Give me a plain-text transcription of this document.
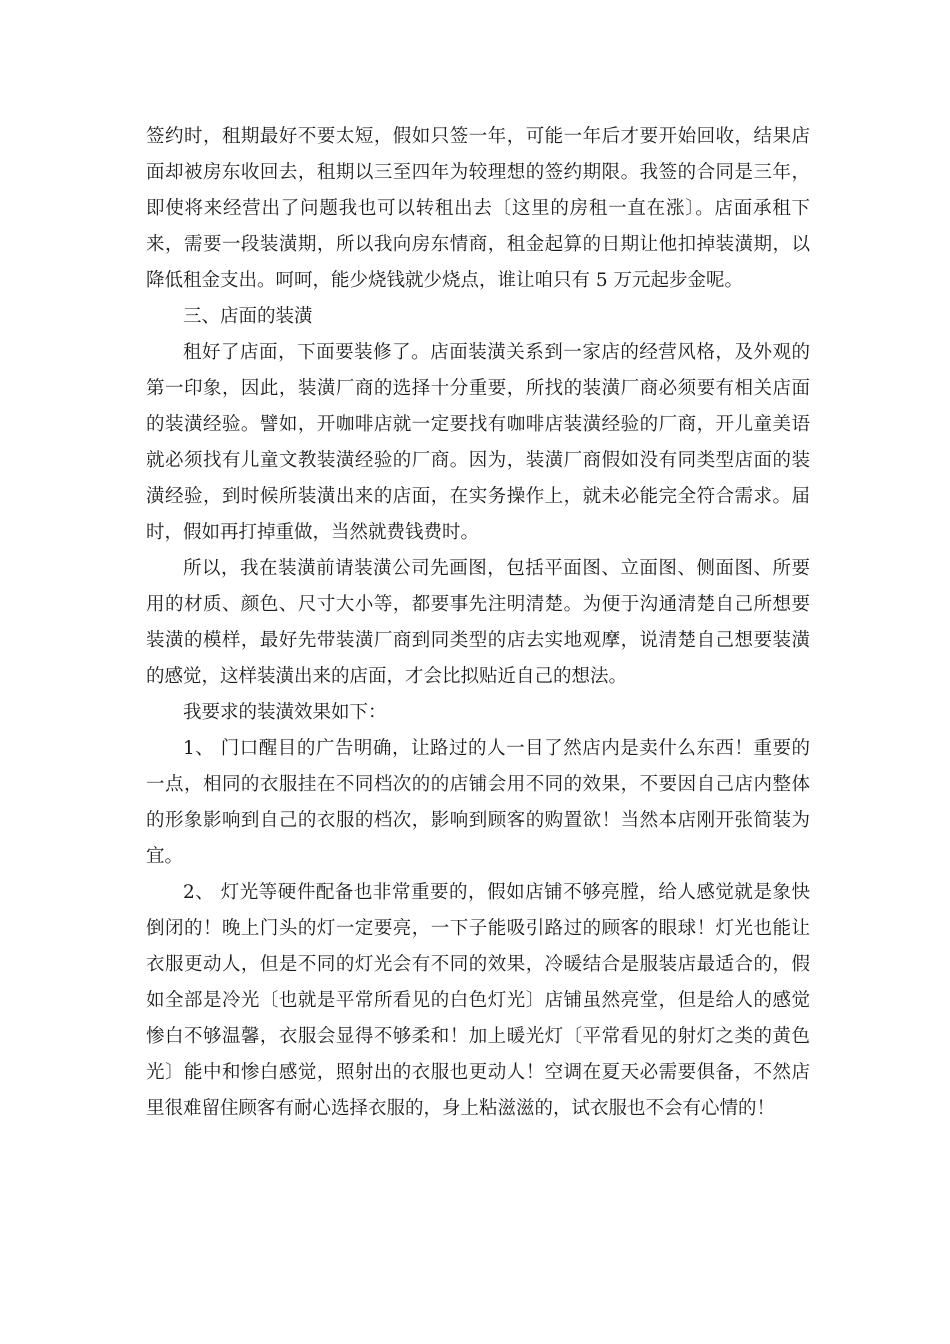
签约时，租期最好不要太短，假如只签一年，可能一年后才要开始回收，结果店面却被房东收回去，租期以三至四年为较理想的签约期限。我签的合同是三年，即使将来经营出了问题我也可以转租出去〔这里的房租一直在涨〕。店面承租下来，需要一段装潢期，所以我向房东情商，租金起算的日期让他扣掉装潢期，以降低租金支出。呵呵，能少烧钱就少烧点，谁让咱只有 5 万元起步金呢。

三、店面的装潢

租好了店面，下面要装修了。店面装潢关系到一家店的经营风格，及外观的第一印象，因此，装潢厂商的选择十分重要，所找的装潢厂商必须要有相关店面的装潢经验。譬如，开咖啡店就一定要找有咖啡店装潢经验的厂商，开儿童美语就必须找有儿童文教装潢经验的厂商。因为，装潢厂商假如没有同类型店面的装潢经验，到时候所装潢出来的店面，在实务操作上，就未必能完全符合需求。届时，假如再打掉重做，当然就费钱费时。

所以，我在装潢前请装潢公司先画图，包括平面图、立面图、侧面图、所要用的材质、颜色、尺寸大小等，都要事先注明清楚。为便于沟通清楚自己所想要装潢的模样，最好先带装潢厂商到同类型的店去实地观摩，说清楚自己想要装潢的感觉，这样装潢出来的店面，才会比拟贴近自己的想法。

我要求的装潢效果如下：

1、 门口醒目的广告明确，让路过的人一目了然店内是卖什么东西！重要的一点，相同的衣服挂在不同档次的的店铺会用不同的效果，不要因自己店内整体的形象影响到自己的衣服的档次，影响到顾客的购置欲！当然本店刚开张简装为宜。

2、 灯光等硬件配备也非常重要的，假如店铺不够亮膛，给人感觉就是象快倒闭的！晚上门头的灯一定要亮，一下子能吸引路过的顾客的眼球！灯光也能让衣服更动人，但是不同的灯光会有不同的效果，冷暖结合是服装店最适合的，假如全部是冷光〔也就是平常所看见的白色灯光〕店铺虽然亮堂，但是给人的感觉惨白不够温馨，衣服会显得不够柔和！加上暖光灯〔平常看见的射灯之类的黄色光〕能中和惨白感觉，照射出的衣服也更动人！空调在夏天必需要俱备，不然店里很难留住顾客有耐心选择衣服的，身上粘滋滋的，试衣服也不会有心情的！
